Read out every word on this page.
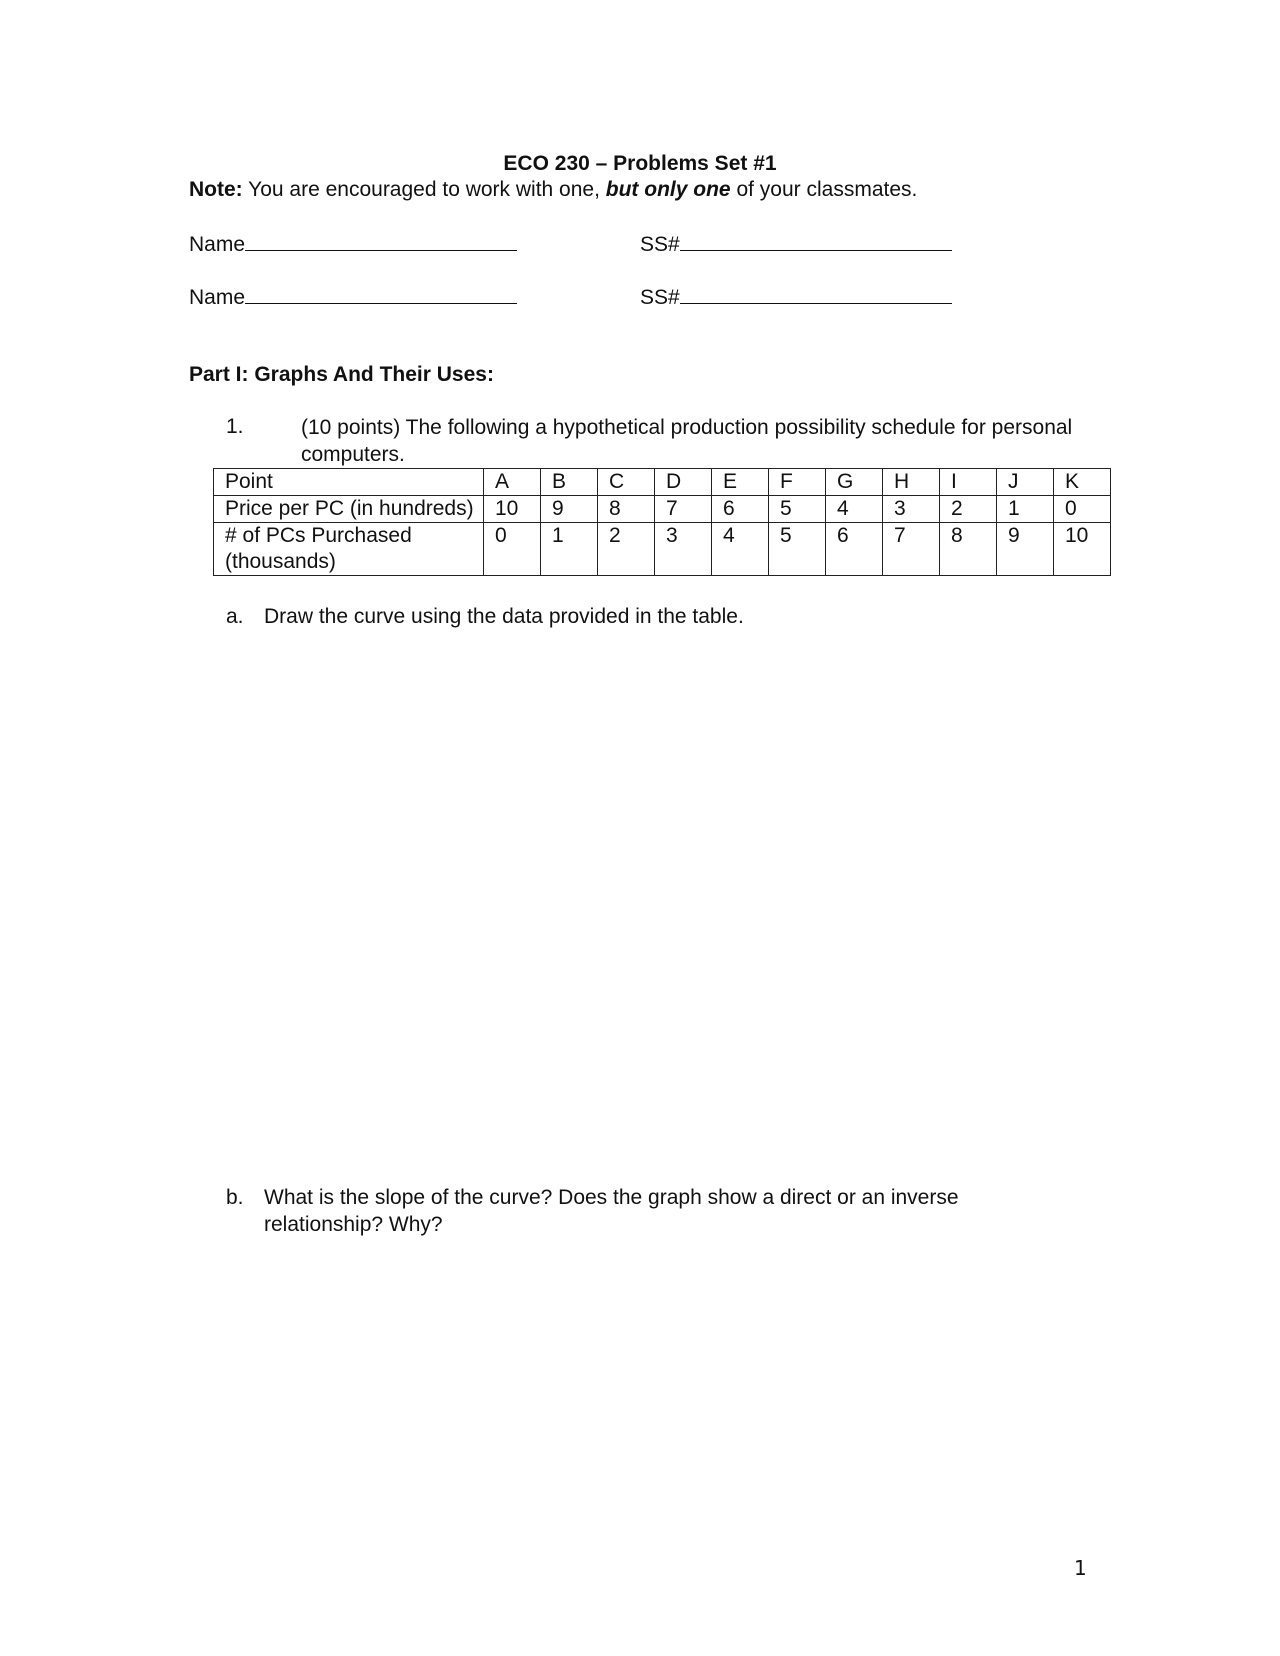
ECO 230 – Problems Set #1
Note: You are encouraged to work with one, but only one of your classmates.
Name	SS#
Name	SS#
Part I: Graphs And Their Uses:
1.	(10 points) The following a hypothetical production possibility schedule for personal computers.
Point	A	B	C	D	E	F	G	H	I	J	K
Price per PC (in hundreds)	10	9	8	7	6	5	4	3	2	1	0
# of PCs Purchased (thousands)	0	1	2	3	4	5	6	7	8	9	10
a. Draw the curve using the data provided in the table.
b. What is the slope of the curve? Does the graph show a direct or an inverse relationship? Why?
1
